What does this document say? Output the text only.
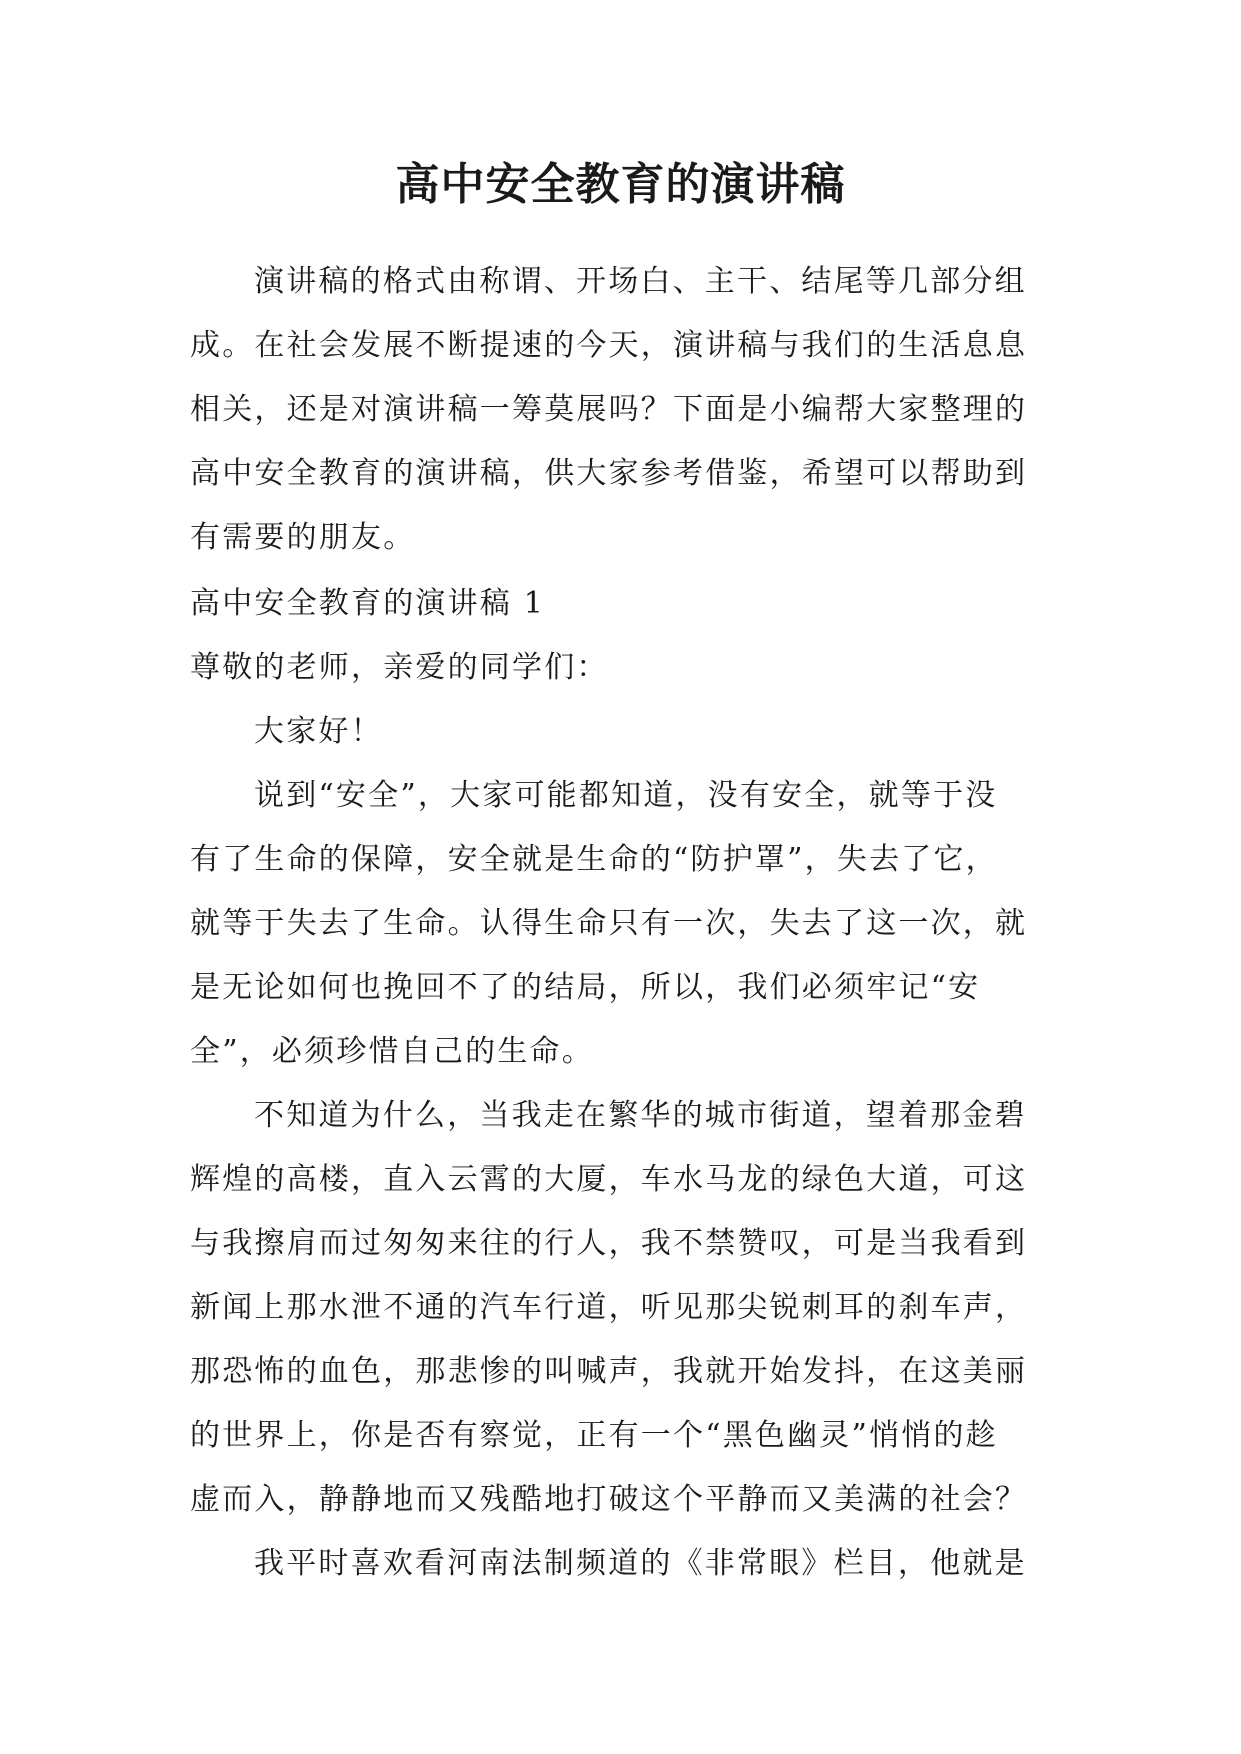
高中安全教育的演讲稿
演讲稿的格式由称谓、开场白、主干、结尾等几部分组
成。在社会发展不断提速的今天，演讲稿与我们的生活息息
相关，还是对演讲稿一筹莫展吗？下面是小编帮大家整理的
高中安全教育的演讲稿，供大家参考借鉴，希望可以帮助到
有需要的朋友。
高中安全教育的演讲稿 1
尊敬的老师，亲爱的同学们：
大家好！
说到“安全”，大家可能都知道，没有安全，就等于没
有了生命的保障，安全就是生命的“防护罩”，失去了它，
就等于失去了生命。认得生命只有一次，失去了这一次，就
是无论如何也挽回不了的结局，所以，我们必须牢记“安
全”，必须珍惜自己的生命。
不知道为什么，当我走在繁华的城市街道，望着那金碧
辉煌的高楼，直入云霄的大厦，车水马龙的绿色大道，可这
与我擦肩而过匆匆来往的行人，我不禁赞叹，可是当我看到
新闻上那水泄不通的汽车行道，听见那尖锐刺耳的刹车声，
那恐怖的血色，那悲惨的叫喊声，我就开始发抖，在这美丽
的世界上，你是否有察觉，正有一个“黑色幽灵”悄悄的趁
虚而入，静静地而又残酷地打破这个平静而又美满的社会？
我平时喜欢看河南法制频道的《非常眼》栏目，他就是
